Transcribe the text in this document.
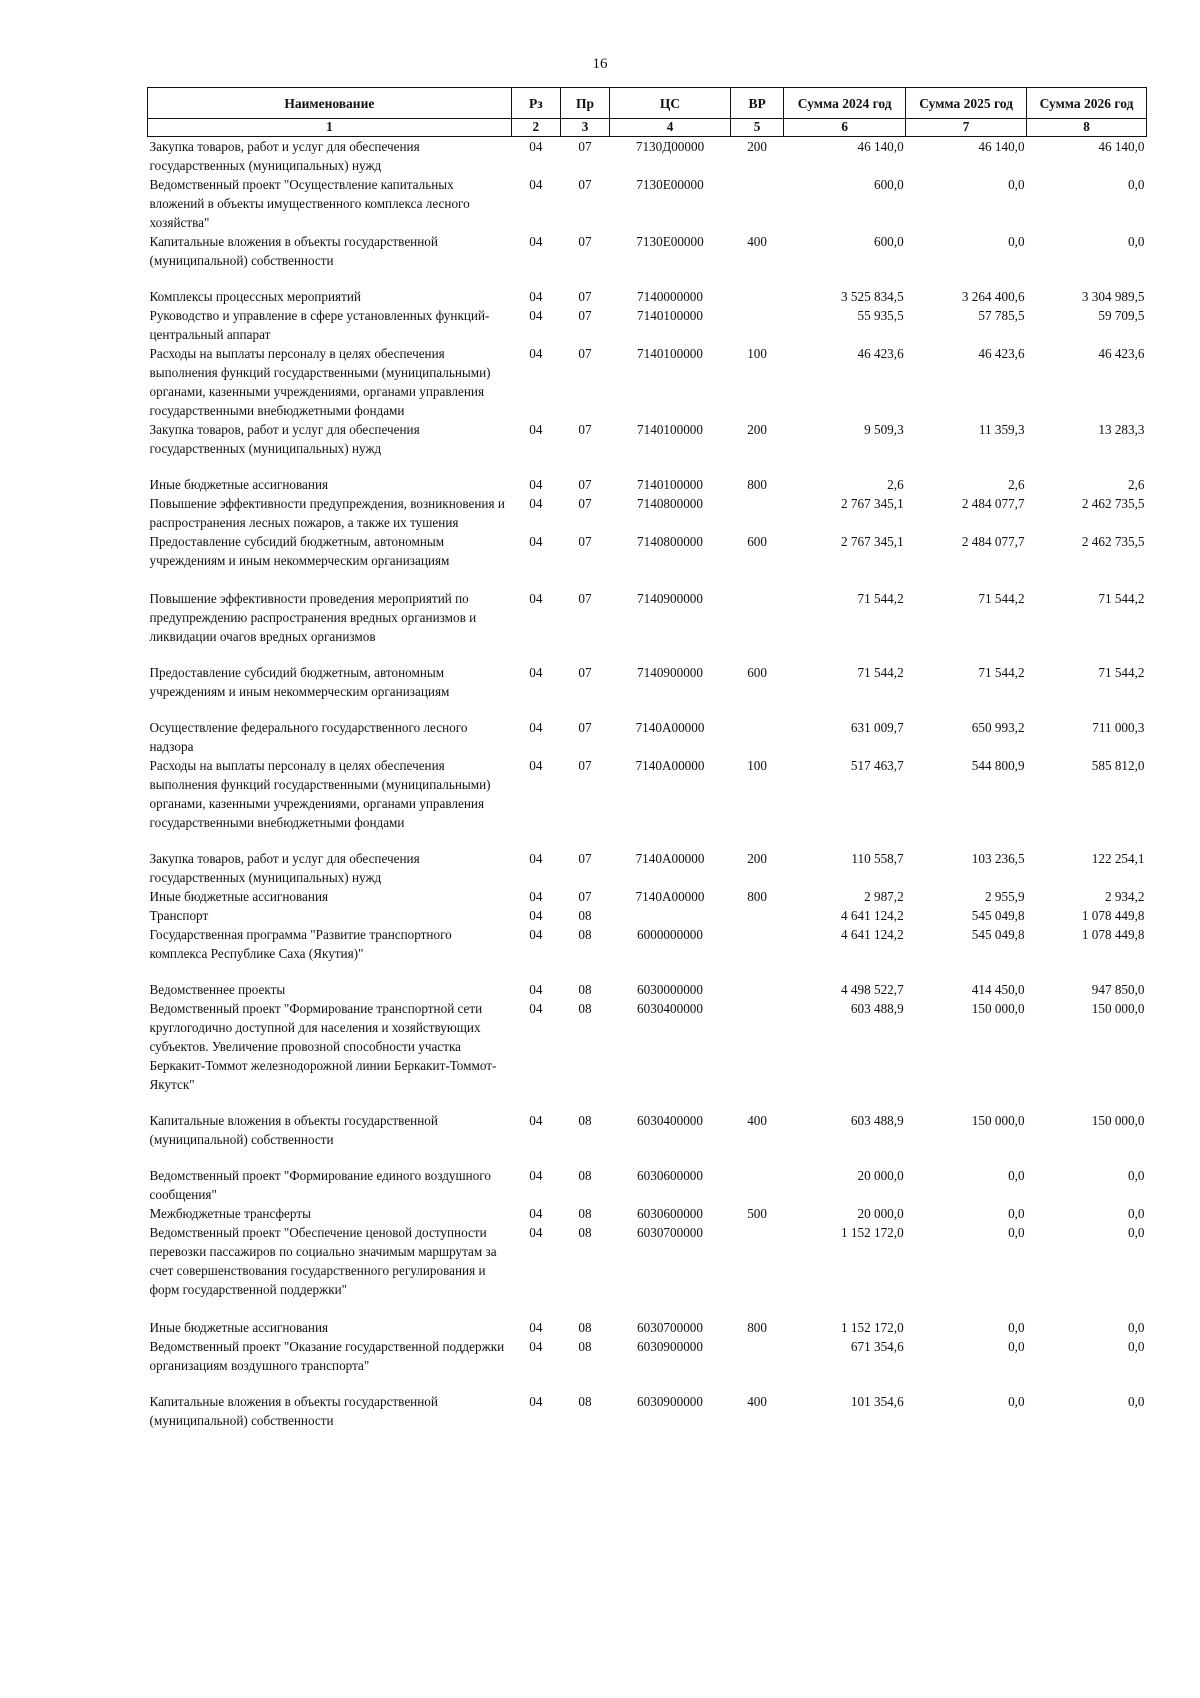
16
Наименование	Рз	Пр	ЦС	ВР	Сумма 2024 год	Сумма 2025 год	Сумма 2026 год
1	2	3	4	5	6	7	8
Закупка товаров, работ и услуг для обеспечения государственных (муниципальных) нужд	04	07	7130Д00000	200	46 140,0	46 140,0	46 140,0
Ведомственный проект "Осуществление капитальных вложений в объекты имущественного комплекса лесного хозяйства"	04	07	7130Е00000		600,0	0,0	0,0
Капитальные вложения в объекты государственной (муниципальной) собственности	04	07	7130Е00000	400	600,0	0,0	0,0
Комплексы процессных мероприятий	04	07	7140000000		3 525 834,5	3 264 400,6	3 304 989,5
Руководство и управление в сфере установленных функций-центральный аппарат	04	07	7140100000		55 935,5	57 785,5	59 709,5
Расходы на выплаты персоналу в целях обеспечения выполнения функций государственными (муниципальными) органами, казенными учреждениями, органами управления государственными внебюджетными фондами	04	07	7140100000	100	46 423,6	46 423,6	46 423,6
Закупка товаров, работ и услуг для обеспечения государственных (муниципальных) нужд	04	07	7140100000	200	9 509,3	11 359,3	13 283,3
Иные бюджетные ассигнования	04	07	7140100000	800	2,6	2,6	2,6
Повышение эффективности предупреждения, возникновения и распространения лесных пожаров, а также их тушения	04	07	7140800000		2 767 345,1	2 484 077,7	2 462 735,5
Предоставление субсидий бюджетным, автономным учреждениям и иным некоммерческим организациям	04	07	7140800000	600	2 767 345,1	2 484 077,7	2 462 735,5
Повышение эффективности проведения мероприятий по предупреждению распространения вредных организмов и ликвидации очагов вредных организмов	04	07	7140900000		71 544,2	71 544,2	71 544,2
Предоставление субсидий бюджетным, автономным учреждениям и иным некоммерческим организациям	04	07	7140900000	600	71 544,2	71 544,2	71 544,2
Осуществление федерального государственного лесного надзора	04	07	7140А00000		631 009,7	650 993,2	711 000,3
Расходы на выплаты персоналу в целях обеспечения выполнения функций государственными (муниципальными) органами, казенными учреждениями, органами управления государственными внебюджетными фондами	04	07	7140А00000	100	517 463,7	544 800,9	585 812,0
Закупка товаров, работ и услуг для обеспечения государственных (муниципальных) нужд	04	07	7140А00000	200	110 558,7	103 236,5	122 254,1
Иные бюджетные ассигнования	04	07	7140А00000	800	2 987,2	2 955,9	2 934,2
Транспорт	04	08			4 641 124,2	545 049,8	1 078 449,8
Государственная программа "Развитие транспортного комплекса Республике Саха (Якутия)"	04	08	6000000000		4 641 124,2	545 049,8	1 078 449,8
Ведомственнее проекты	04	08	6030000000		4 498 522,7	414 450,0	947 850,0
Ведомственный проект "Формирование транспортной сети круглогодично доступной для населения и хозяйствующих субъектов. Увеличение провозной способности участка Беркакит-Томмот железнодорожной линии Беркакит-Томмот-Якутск"	04	08	6030400000		603 488,9	150 000,0	150 000,0
Капитальные вложения в объекты государственной (муниципальной) собственности	04	08	6030400000	400	603 488,9	150 000,0	150 000,0
Ведомственный проект "Формирование единого воздушного сообщения"	04	08	6030600000		20 000,0	0,0	0,0
Межбюджетные трансферты	04	08	6030600000	500	20 000,0	0,0	0,0
Ведомственный проект "Обеспечение ценовой доступности перевозки пассажиров по социально значимым маршрутам за счет совершенствования государственного регулирования и форм государственной поддержки"	04	08	6030700000		1 152 172,0	0,0	0,0
Иные бюджетные ассигнования	04	08	6030700000	800	1 152 172,0	0,0	0,0
Ведомственный проект "Оказание государственной поддержки организациям воздушного транспорта"	04	08	6030900000		671 354,6	0,0	0,0
Капитальные вложения в объекты государственной (муниципальной) собственности	04	08	6030900000	400	101 354,6	0,0	0,0
